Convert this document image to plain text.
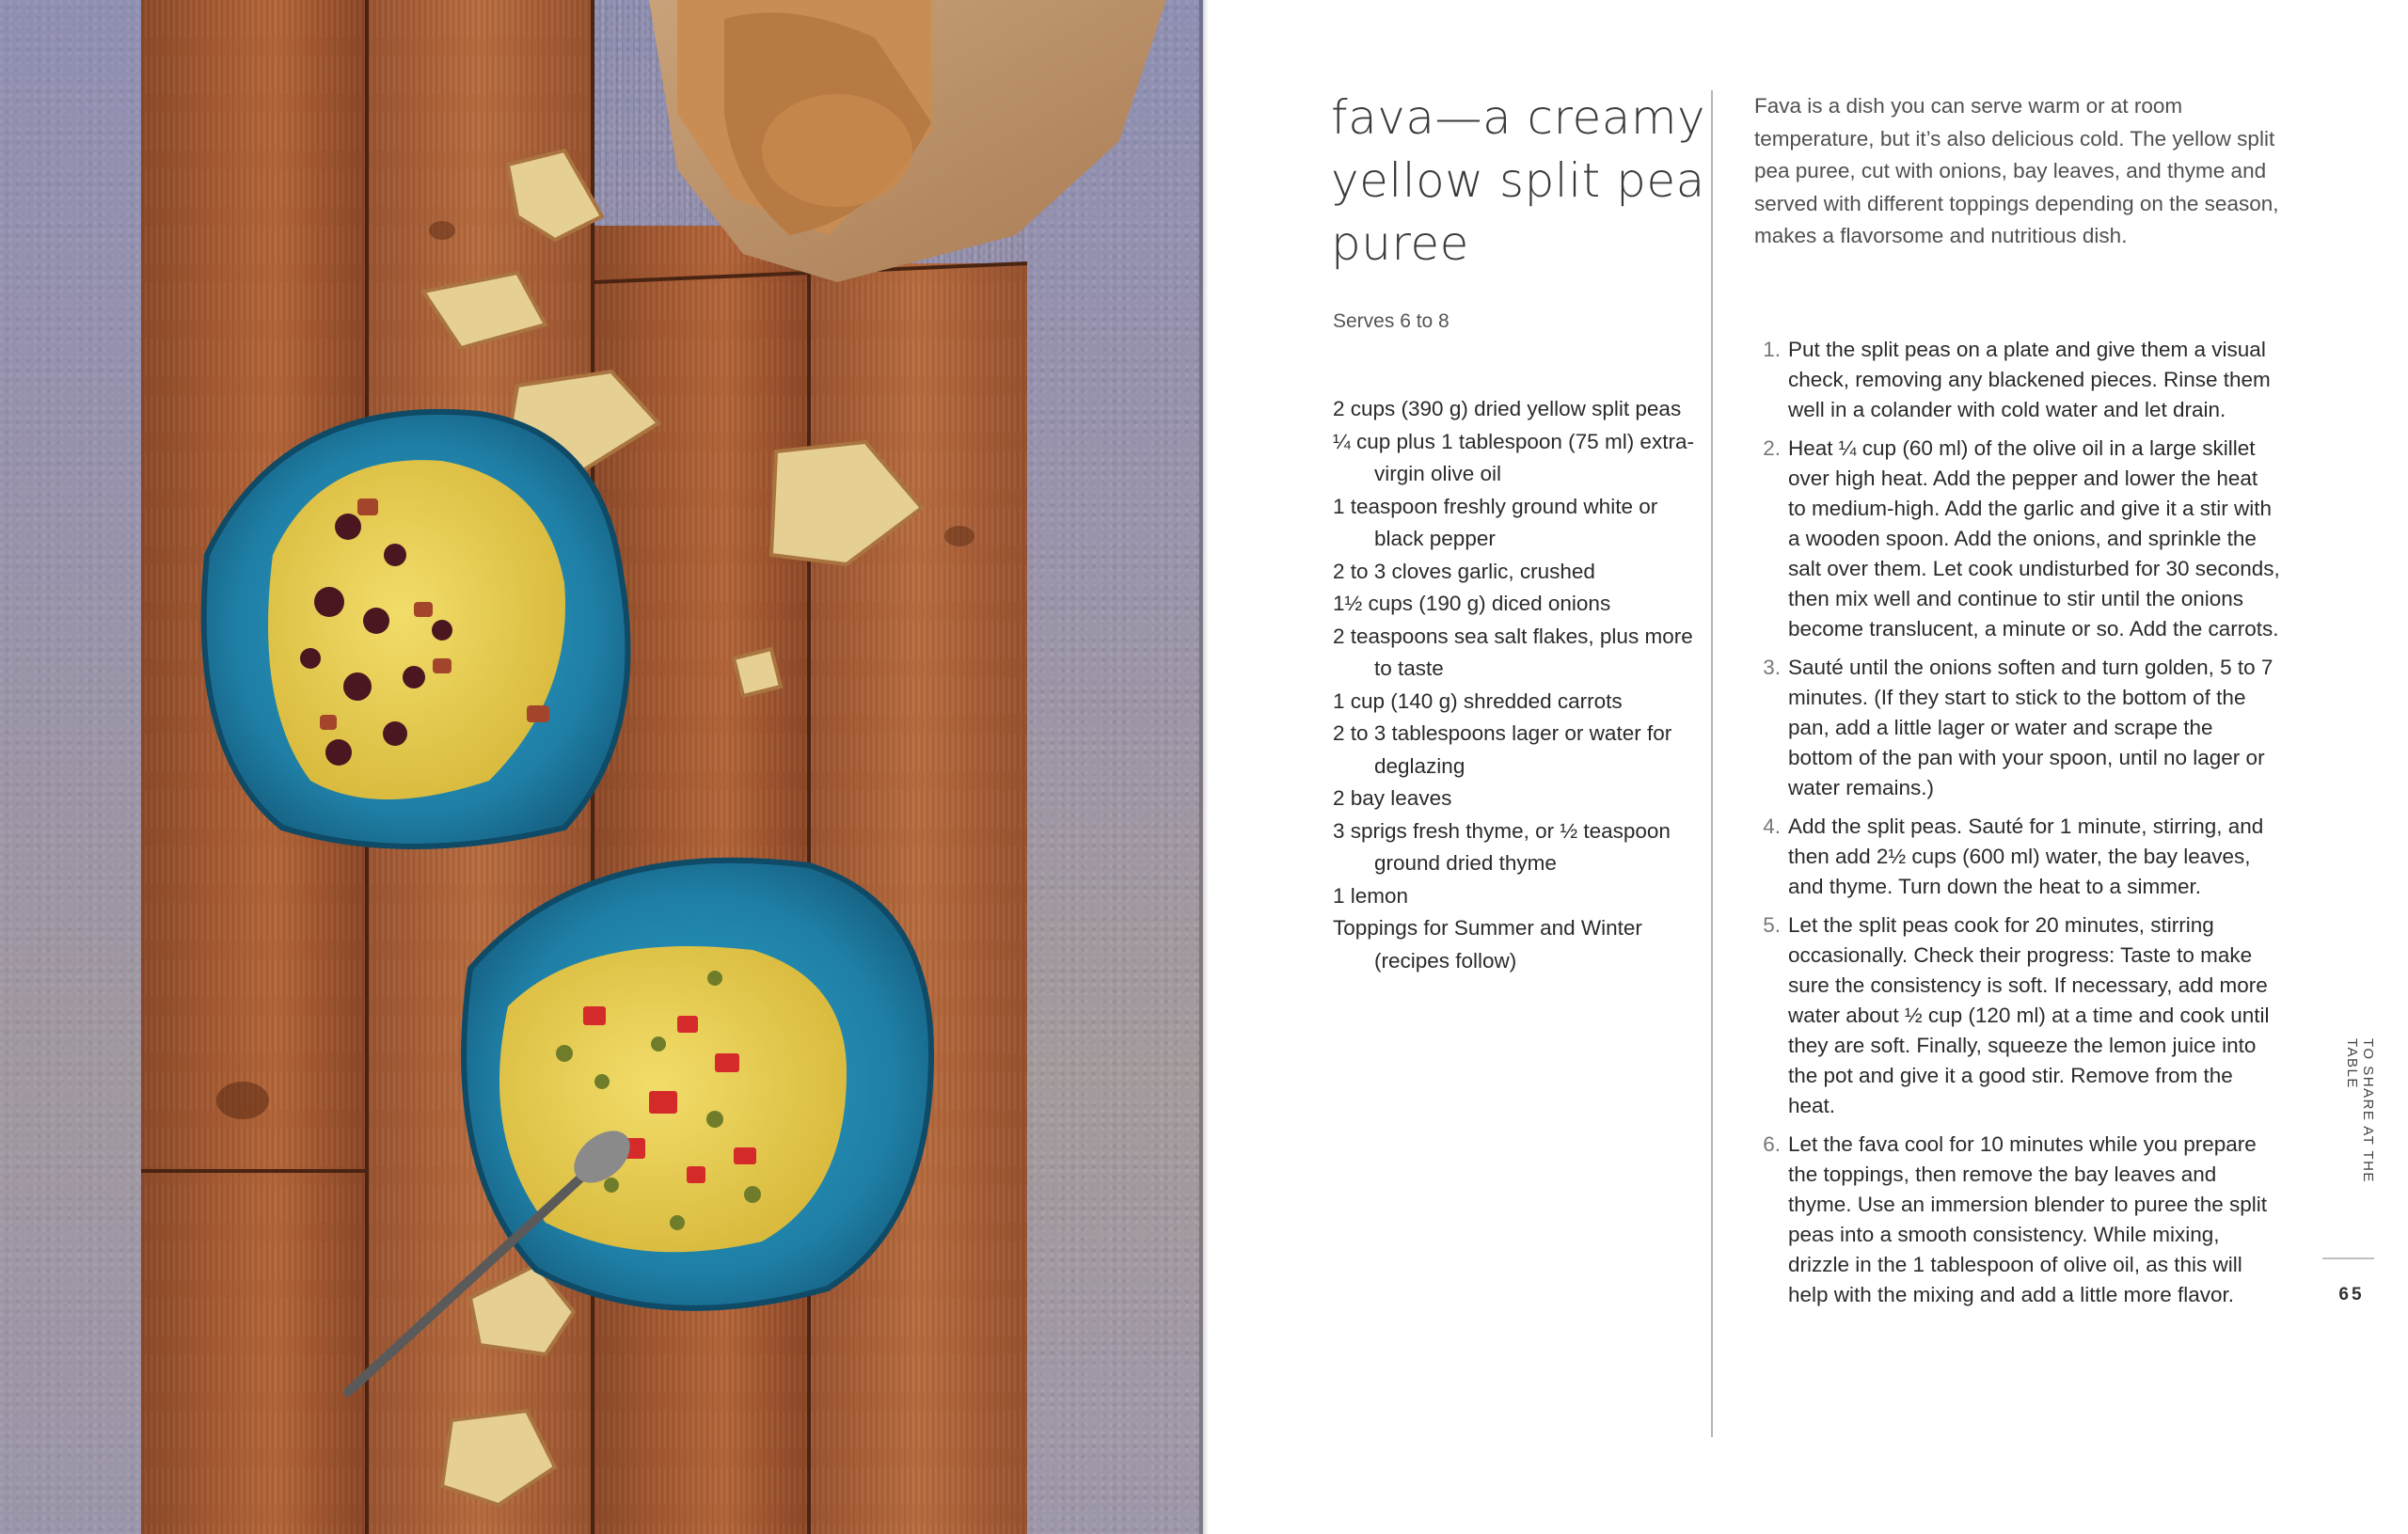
fava—a creamy yellow split pea puree
Serves 6 to 8
2 cups (390 g) dried yellow split peas
¼ cup plus 1 tablespoon (75 ml) extra-virgin olive oil
1 teaspoon freshly ground white or black pepper
2 to 3 cloves garlic, crushed
1½ cups (190 g) diced onions
2 teaspoons sea salt flakes, plus more to taste
1 cup (140 g) shredded carrots
2 to 3 tablespoons lager or water for deglazing
2 bay leaves
3 sprigs fresh thyme, or ½ teaspoon ground dried thyme
1 lemon
Toppings for Summer and Winter (recipes follow)

Fava is a dish you can serve warm or at room temperature, but it’s also delicious cold. The yellow split pea puree, cut with onions, bay leaves, and thyme and served with different toppings depending on the season, makes a flavorsome and nutritious dish.

1. Put the split peas on a plate and give them a visual check, removing any blackened pieces. Rinse them well in a colander with cold water and let drain.
2. Heat ¼ cup (60 ml) of the olive oil in a large skillet over high heat. Add the pepper and lower the heat to medium-high. Add the garlic and give it a stir with a wooden spoon. Add the onions, and sprinkle the salt over them. Let cook undisturbed for 30 seconds, then mix well and continue to stir until the onions become translucent, a minute or so. Add the carrots.
3. Sauté until the onions soften and turn golden, 5 to 7 minutes. (If they start to stick to the bottom of the pan, add a little lager or water and scrape the bottom of the pan with your spoon, until no lager or water remains.)
4. Add the split peas. Sauté for 1 minute, stirring, and then add 2½ cups (600 ml) water, the bay leaves, and thyme. Turn down the heat to a simmer.
5. Let the split peas cook for 20 minutes, stirring occasionally. Check their progress: Taste to make sure the consistency is soft. If necessary, add more water about ½ cup (120 ml) at a time and cook until they are soft. Finally, squeeze the lemon juice into the pot and give it a good stir. Remove from the heat.
6. Let the fava cool for 10 minutes while you prepare the toppings, then remove the bay leaves and thyme. Use an immersion blender to puree the split peas into a smooth consistency. While mixing, drizzle in the 1 tablespoon of olive oil, as this will help with the mixing and add a little more flavor.
TO SHARE AT THE TABLE
65
